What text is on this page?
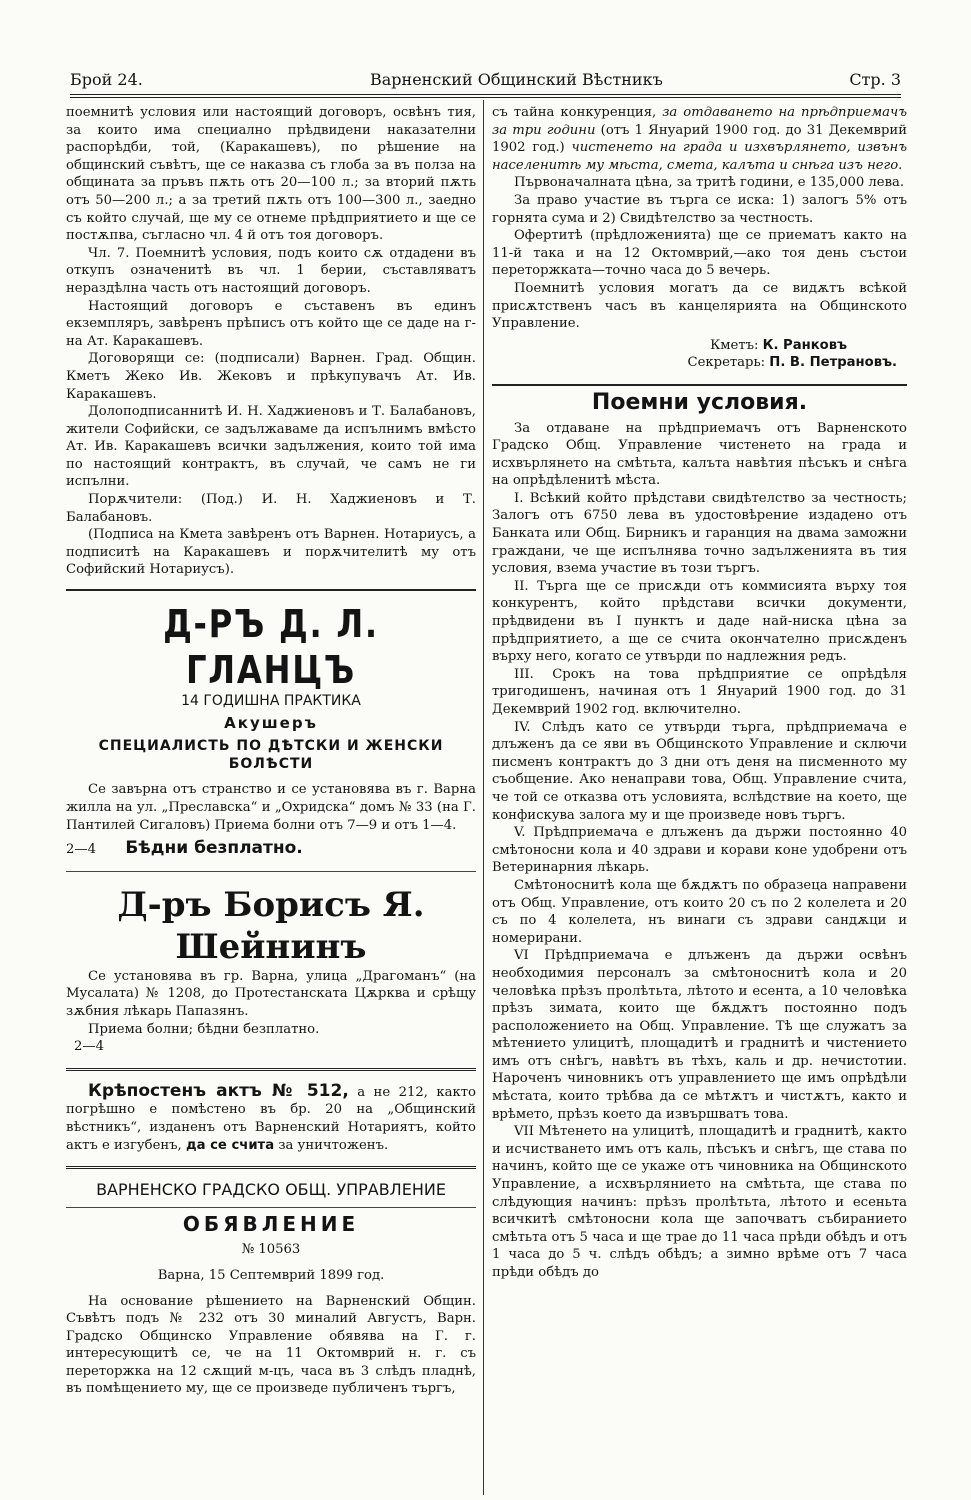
Брой 24.	Варненский Общинский Вѣстникъ	Стр. 3

поемнитѣ условия или настоящий договоръ, освѣнъ тия, за които има специално прѣдвидени наказателни распорѣдби, той, (Каракашевъ), по рѣшение на общинский съвѣтъ, ще се наказва съ глоба за въ полза на общината за пръвъ пѫть отъ 20—100 л.; за вторий пѫть отъ 50—200 л.; а за третий пѫть отъ 100—300 л., заедно съ който случай, ще му се отнеме прѣдприятието и ще се постѫпва, съгласно чл. 4 й отъ тоя договоръ.

Чл. 7. Поемнитѣ условия, подъ които сѫ отдадени въ откупъ означенитѣ въ чл. 1 берии, съставляватъ нераздѣлна часть отъ настоящий договоръ.

Настоящий договоръ е съставенъ въ единъ екземпляръ, завѣренъ прѣписъ отъ който ще се даде на г-на Ат. Каракашевъ.

Договорящи се: (подписали) Варнен. Град. Общин. Кметъ Жеко Ив. Жековъ и прѣкупувачъ Ат. Ив. Каракашевъ.

Долоподписаннитѣ И. Н. Хаджиеновъ и Т. Балабановъ, жители Софийски, се задължаваме да испълнимъ вмѣсто Ат. Ив. Каракашевъ всички задължения, които той има по настоящий контрактъ, въ случай, че самъ не ги испълни.

Порѫчители: (Под.) И. Н. Хаджиеновъ и Т. Балабановъ.

(Подписа на Кмета завѣренъ отъ Варнен. Нотариусъ, а подписитѣ на Каракашевъ и порѫчителитѣ му отъ Софийский Нотариусъ).

Д-РЪ Д. Л. ГЛАНЦЪ
14 ГОДИШНА ПРАКТИКА
Акушеръ
СПЕЦИАЛИСТЬ ПО ДѢТСКИ И ЖЕНСКИ БОЛѢСТИ

Се завърна отъ странство и се установява въ г. Варна жилла на ул. „Преславска“ и „Охридска“ домъ № 33 (на Г. Пантилей Сигаловъ) Приема болни отъ 7—9 и отъ 1—4.

2—4 Бѣдни безплатно.

Д-ръ Борисъ Я. Шейнинъ

Се установява въ гр. Варна, улица „Драгоманъ“ (на Мусалата) № 1208, до Протестанската Цѫрква и срѣщу зѫбния лѣкарь Папазянъ.

Приема болни; бѣдни безплатно.

2—4

Крѣпостенъ актъ № 512, а не 212, както погрѣшно е помѣстено въ бр. 20 на „Общинский вѣстникъ“, изданенъ отъ Варненский Нотариятъ, който актъ е изгубенъ, да се счита за уничтоженъ.

ВАРНЕНСКО ГРАДСКО ОБЩ. УПРАВЛЕНИЕ
ОБЯВЛЕНИЕ
№ 10563
Варна, 15 Септемврий 1899 год.

На основание рѣшението на Варненский Общин. Съвѣтъ подъ № 232 отъ 30 миналий Августъ, Варн. Градско Общинско Управление обявява на Г. г. интересующитѣ се, че на 11 Октомврий н. г. съ переторжка на 12 сѫщий м-цъ, часа въ 3 слѣдъ пладнѣ, въ помѣщението му, ще се произведе публиченъ търгъ,

съ тайна конкуренция, за отдаването на прѣдприемачъ за три години (отъ 1 Януарий 1900 год. до 31 Декемврий 1902 год.) чистенето на града и изхвърлянето, извънъ населенитѣ му мѣста, смета, калъта и снѣга изъ него.

Първоначалната цѣна, за тритѣ години, е 135,000 лева.

За право участие въ търга се иска: 1) залогъ 5% отъ горнята сума и 2) Свидѣтелство за честность.

Офертитѣ (прѣдложенията) ще се приематъ както на 11-й така и на 12 Октомврий,—ако тоя день състои переторжката—точно часа до 5 вечерь.

Поемнитѣ условия могатъ да се видѫтъ всѣкой присѫтственъ часъ въ канцелярията на Общинското Управление.

Кметъ: К. Ранковъ

Секретарь: П. В. Петрановъ.

Поемни условия.

За отдаване на прѣдприемачъ отъ Варненското Градско Общ. Управление чистенето на града и исхвърлянето на смѣтьта, калъта навѣтия пѣсъкъ и снѣга на опрѣдѣленитѣ мѣста.

I. Всѣкий който прѣдстави свидѣтелство за честность; Залогъ отъ 6750 лева въ удостовѣрение издадено отъ Банката или Общ. Бирникъ и гаранция на двама заможни граждани, че ще испълнява точно задълженията въ тия условия, взема участие въ този търгъ.

II. Търга ще се присѫди отъ коммисията върху тоя конкурентъ, който прѣдстави всички документи, прѣдвидени въ I пунктъ и даде най-ниска цѣна за прѣдприятието, а ще се счита окончателно присѫденъ върху него, когато се утвърди по надлежния редъ.

III. Срокъ на това прѣдприятие се опрѣдѣля тригодишенъ, начиная отъ 1 Януарий 1900 год. до 31 Декемврий 1902 год. включително.

IV. Слѣдъ като се утвърди търга, прѣдприемача е длъженъ да се яви въ Общинското Управление и сключи писменъ контрактъ до 3 дни отъ деня на писменното му съобщение. Ако ненаправи това, Общ. Управление счита, че той се отказва отъ условията, вслѣдствие на което, ще конфискува залога му и ще произведе новъ търгъ.

V. Прѣдприемача е длъженъ да държи постоянно 40 смѣтоносни кола и 40 здрави и корави коне удобрени отъ Ветеринарния лѣкарь.

Смѣтоноснитѣ кола ще бѫдѫтъ по образеца направени отъ Общ. Управление, отъ които 20 съ по 2 колелета и 20 съ по 4 колелета, нъ винаги съ здрави сандѫци и номерирани.

VI Прѣдприемача е длъженъ да държи освѣнъ необходимия персоналъ за смѣтоноснитѣ кола и 20 человѣка прѣзъ пролѣтьта, лѣтото и есента, а 10 человѣка прѣзъ зимата, които ще бѫдѫтъ постоянно подъ расположението на Общ. Управление. Тѣ ще служатъ за мѣтението улицитѣ, площадитѣ и граднитѣ и чистението имъ отъ снѣгъ, навѣтъ въ тѣхъ, каль и др. нечистотии. Нароченъ чиновникъ отъ управлението ще имъ опрѣдѣли мѣстата, които трѣбва да се мѣтѫтъ и чистѫтъ, както и врѣмето, прѣзъ което да извършватъ това.

VII Мѣтенето на улицитѣ, площадитѣ и граднитѣ, както и исчистването имъ отъ каль, пѣсъкъ и снѣгъ, ще става по начинъ, който ще се укаже отъ чиновника на Общинското Управление, а исхвърлянието на смѣтьта, ще става по слѣдующия начинъ: прѣзъ пролѣтьта, лѣтото и есеньта всичкитѣ смѣтоносни кола ще започватъ събиранието смѣтьта отъ 5 часа и ще трае до 11 часа прѣди обѣдъ и отъ 1 часа до 5 ч. слѣдъ обѣдъ; а зимно врѣме отъ 7 часа прѣди обѣдъ до
